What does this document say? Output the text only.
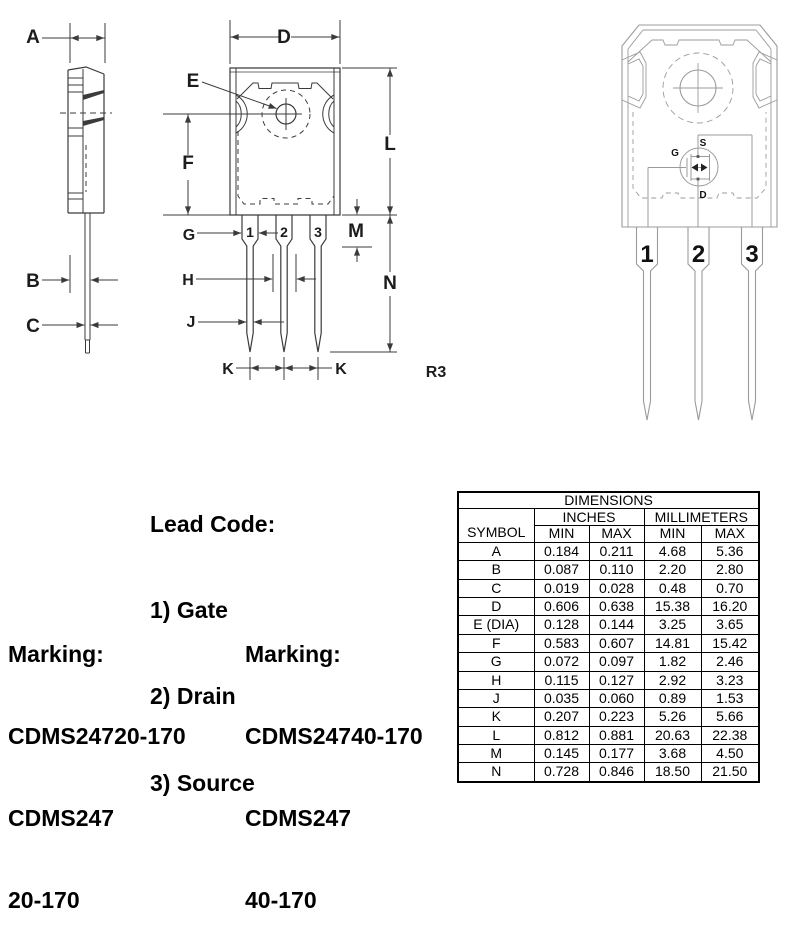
A
B
C
D
E
F
L
M
N
1 2 3
G
H
J
K	K	R3
G
S
D
1 2 3

Lead Code:

1) Gate

2) Drain

3) Source

Marking:

CDMS24720-170

CDMS247

20-170

Marking:

CDMS24740-170

CDMS247

40-170

DIMENSIONS				
SYMBOL	INCHES		MILLIMETERS	
	MIN	MAX	MIN	MAX
A	0.184	0.211	4.68	5.36
B	0.087	0.110	2.20	2.80
C	0.019	0.028	0.48	0.70
D	0.606	0.638	15.38	16.20
E (DIA)	0.128	0.144	3.25	3.65
F	0.583	0.607	14.81	15.42
G	0.072	0.097	1.82	2.46
H	0.115	0.127	2.92	3.23
J	0.035	0.060	0.89	1.53
K	0.207	0.223	5.26	5.66
L	0.812	0.881	20.63	22.38
M	0.145	0.177	3.68	4.50
N	0.728	0.846	18.50	21.50
